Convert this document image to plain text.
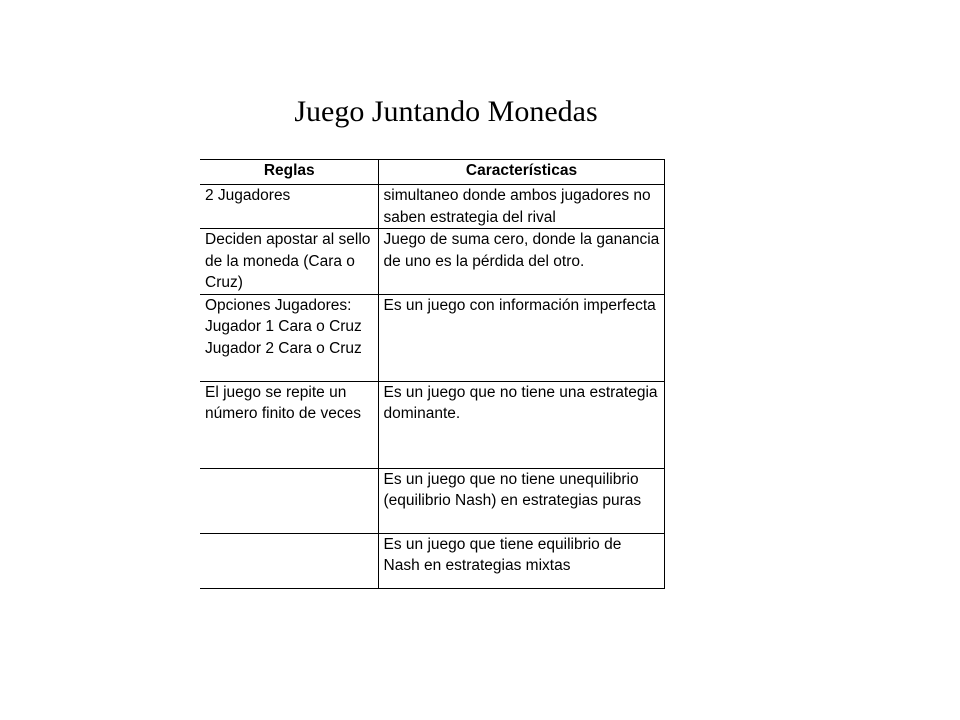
Juego Juntando Monedas
Reglas	Características
2 Jugadores	simultaneo donde ambos jugadores no saben estrategia del rival
Deciden apostar al sello de la moneda (Cara o Cruz)	Juego de suma cero, donde la ganancia de uno es la pérdida del otro.
Opciones Jugadores: Jugador 1 Cara o Cruz Jugador 2 Cara o Cruz	Es un juego con información imperfecta
El juego se repite un número finito de veces	Es un juego que no tiene una estrategia dominante.
	Es un juego que no tiene unequilibrio (equilibrio Nash) en estrategias puras
	Es un juego que tiene equilibrio de Nash en estrategias mixtas
